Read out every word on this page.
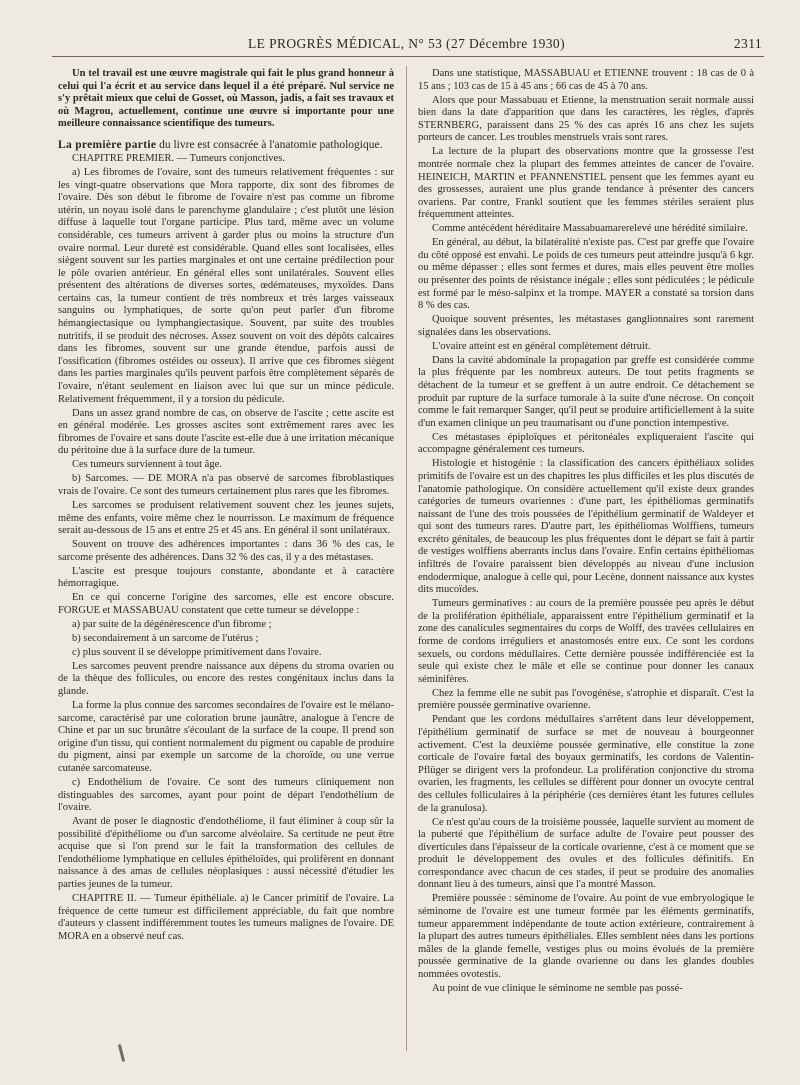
LE PROGRÈS MÉDICAL, N° 53 (27 Décembre 1930)	2311

Un tel travail est une œuvre magistrale qui fait le plus grand honneur à celui qui l'a écrit et au service dans lequel il a été préparé. Nul service ne s'y prêtait mieux que celui de Gosset, où Masson, jadis, a fait ses travaux et où Magrou, actuellement, continue une œuvre si importante pour une meilleure connaissance scientifique des tumeurs.

La première partie du livre est consacrée à l'anatomie pathologique.

CHAPITRE PREMIER. — Tumeurs conjonctives.

a) Les fibromes de l'ovaire, sont des tumeurs relativement fréquentes : sur les vingt-quatre observations que Mora rapporte, dix sont des fibromes de l'ovaire. Dès son début le fibrome de l'ovaire n'est pas comme un fibrome utérin, un noyau isolé dans le parenchyme glandulaire ; c'est plutôt une lésion diffuse à laquelle tout l'organe participe. Plus tard, même avec un volume considérable, ces tumeurs arrivent à garder plus ou moins la structure d'un ovaire normal. Leur dureté est considérable. Quand elles sont localisées, elles siègent souvent sur les parties marginales et ont une certaine prédilection pour le pôle ovarien antérieur. En général elles sont unilatérales. Souvent elles présentent des altérations de diverses sortes, œdémateuses, myxoïdes. Dans certains cas, la tumeur contient de très nombreux et très larges vaisseaux sanguins ou lymphatiques, de sorte qu'on peut parler d'un fibrome hémangiectasique ou lymphangiectasique. Souvent, par suite des troubles nutritifs, il se produit des nécroses. Assez souvent on voit des dépôts calcaires dans les fibromes, souvent sur une grande étendue, parfois aussi de l'ossification (fibromes ostéides ou osseux). Il arrive que ces fibromes siègent dans les parties marginales qu'ils peuvent parfois être complètement séparés de l'ovaire, n'étant seulement en liaison avec lui que sur un mince pédicule. Relativement fréquemment, il y a torsion du pédicule.

Dans un assez grand nombre de cas, on observe de l'ascite ; cette ascite est en général modérée. Les grosses ascites sont extrêmement rares avec les fibromes de l'ovaire et sans doute l'ascite est-elle due à une irritation mécanique du péritoine due à la surface dure de la tumeur.

Ces tumeurs surviennent à tout âge.

b) Sarcomes. — DE MORA n'a pas observé de sarcomes fibroblastiques vrais de l'ovaire. Ce sont des tumeurs certainement plus rares que les fibromes.

Les sarcomes se produisent relativement souvent chez les jeunes sujets, même des enfants, voire même chez le nourrisson. Le maximum de fréquence serait au-dessous de 15 ans et entre 25 et 45 ans. En général il sont unilatéraux.

Souvent on trouve des adhérences importantes : dans 36 % des cas, le sarcome présente des adhérences. Dans 32 % des cas, il y a des métastases.

L'ascite est presque toujours constante, abondante et à caractère hémorragique.

En ce qui concerne l'origine des sarcomes, elle est encore obscure. FORGUE et MASSABUAU constatent que cette tumeur se développe :

a) par suite de la dégénérescence d'un fibrome ;

b) secondairement à un sarcome de l'utérus ;

c) plus souvent il se développe primitivement dans l'ovaire.

Les sarcomes peuvent prendre naissance aux dépens du stroma ovarien ou de la thèque des follicules, ou encore des restes congénitaux inclus dans la glande.

La forme la plus connue des sarcomes secondaires de l'ovaire est le mélano-sarcome, caractérisé par une coloration brune jaunâtre, analogue à l'encre de Chine et par un suc brunâtre s'écoulant de la surface de la coupe. Il prend son origine d'un tissu, qui contient normalement du pigment ou capable de produire du pigment, ainsi par exemple un sarcome de la choroïde, ou une verrue cutanée sarcomateuse.

c) Endothélium de l'ovaire. Ce sont des tumeurs cliniquement non distinguables des sarcomes, ayant pour point de départ l'endothélium de l'ovaire.

Avant de poser le diagnostic d'endothéliome, il faut éliminer à coup sûr la possibilité d'épithéliome ou d'un sarcome alvéolaire. Sa certitude ne peut être acquise que si l'on prend sur le fait la transformation des cellules de l'endothéliome lymphatique en cellules épithéloïdes, qui prolifèrent en donnant naissance à des amas de cellules néoplasiques : aussi nécessité d'étudier les parties jeunes de la tumeur.

CHAPITRE II. — Tumeur épithéliale. a) le Cancer primitif de l'ovaire. La fréquence de cette tumeur est difficilement appréciable, du fait que nombre d'auteurs y classent indifféremment toutes les tumeurs malignes de l'ovaire. DE MORA en a observé neuf cas.

Dans une statistique, MASSABUAU et ETIENNE trouvent : 18 cas de 0 à 15 ans ; 103 cas de 15 à 45 ans ; 66 cas de 45 à 70 ans.

Alors que pour Massabuau et Etienne, la menstruation serait normale aussi bien dans la date d'apparition que dans les caractères, les règles, d'après STERNBERG, paraissent dans 25 % des cas après 16 ans chez les sujets porteurs de cancer. Les troubles menstruels vrais sont rares.

La lecture de la plupart des observations montre que la grossesse l'est montrée normale chez la plupart des femmes atteintes de cancer de l'ovaire. HEINEICH, MARTIN et PFANNENSTIEL pensent que les femmes ayant eu des grossesses, auraient une plus grande tendance à présenter des cancers ovariens. Par contre, Frankl soutient que les femmes stériles seraient plus fréquemment atteintes.

Comme antécédent héréditaire Massabuamarerelevé une hérédité similaire.

En général, au début, la bilatéralité n'existe pas. C'est par greffe que l'ovaire du côté opposé est envahi. Le poids de ces tumeurs peut atteindre jusqu'à 6 kgr. ou même dépasser ; elles sont fermes et dures, mais elles peuvent être molles ou présenter des points de résistance inégale ; elles sont pédiculées ; le pédicule est formé par le méso-salpinx et la trompe. MAYER a constaté sa torsion dans 8 % des cas.

Quoique souvent présentes, les métastases ganglionnaires sont rarement signalées dans les observations.

L'ovaire atteint est en général complètement détruit.

Dans la cavité abdominale la propagation par greffe est considérée comme la plus fréquente par les nombreux auteurs. De tout petits fragments se détachent de la tumeur et se greffent à un autre endroit. Ce détachement se produit par rupture de la surface tumorale à la suite d'une nécrose. On conçoit comme le fait remarquer Sanger, qu'il peut se produire artificiellement à la suite d'un examen clinique un peu traumatisant ou d'une ponction intempestive.

Ces métastases épiploïques et péritonéales expliqueraient l'ascite qui accompagne généralement ces tumeurs.

Histologie et histogénie : la classification des cancers épithéliaux solides primitifs de l'ovaire est un des chapitres les plus difficiles et les plus discutés de l'anatomie pathologique. On considère actuellement qu'il existe deux grandes catégories de tumeurs ovariennes : d'une part, les épithéliomas germinatifs naissant de l'une des trois poussées de l'épithélium germinatif de Waldeyer et qui sont des tumeurs rares. D'autre part, les épithéliomas Wolffiens, tumeurs excréto génitales, de beaucoup les plus fréquentes dont le départ se fait à partir de vestiges wolffiens aberrants inclus dans l'ovaire. Enfin certains épithéliomas infiltrés de l'ovaire paraissent bien développés au niveau d'une inclusion endodermique, analogue à celle qui, pour Lecène, donnent naissance aux kystes dits mucoïdes.

Tumeurs germinatives : au cours de la première poussée peu après le début de la prolifération épithéliale, apparaissent entre l'épithélium germinatif et la zone des canalicules segmentaires du corps de Wolff, des travées cellulaires en forme de cordons irréguliers et anastomosés entre eux. Ce sont les cordons sexuels, ou cordons médullaires. Cette dernière poussée indifférenciée est la seule qui existe chez le mâle et elle se continue pour donner les canaux séminifères.

Chez la femme elle ne subit pas l'ovogénèse, s'atrophie et disparaît. C'est la première poussée germinative ovarienne.

Pendant que les cordons médullaires s'arrêtent dans leur développement, l'épithélium germinatif de surface se met de nouveau à bourgeonner activement. C'est la deuxième poussée germinative, elle constitue la zone corticale de l'ovaire fœtal des boyaux germinatifs, les cordons de Valentin-Pflüger se dirigent vers la profondeur. La prolifération conjonctive du stroma ovarien, les fragments, les cellules se diffèrent pour donner un ovocyte central des cellules folliculaires à la périphérie (ces dernières étant les futures cellules de la granulosa).

Ce n'est qu'au cours de la troisième poussée, laquelle survient au moment de la puberté que l'épithélium de surface adulte de l'ovaire peut pousser des diverticules dans l'épaisseur de la corticale ovarienne, c'est à ce moment que se produit le développement des ovules et des follicules définitifs. En correspondance avec chacun de ces stades, il peut se produire des anomalies donnant lieu à des tumeurs, ainsi que l'a montré Masson.

Première poussée : séminome de l'ovaire. Au point de vue embryologique le séminome de l'ovaire est une tumeur formée par les éléments germinatifs, tumeur apparemment indépendante de toute action extérieure, contrairement à la plupart des autres tumeurs épithéliales. Elles semblent nées dans les portions mâles de la glande femelle, vestiges plus ou moins évolués de la première poussée germinative de la glande ovarienne ou dans les glandes doubles nommées ovotestis.

Au point de vue clinique le séminome ne semble pas possé-
